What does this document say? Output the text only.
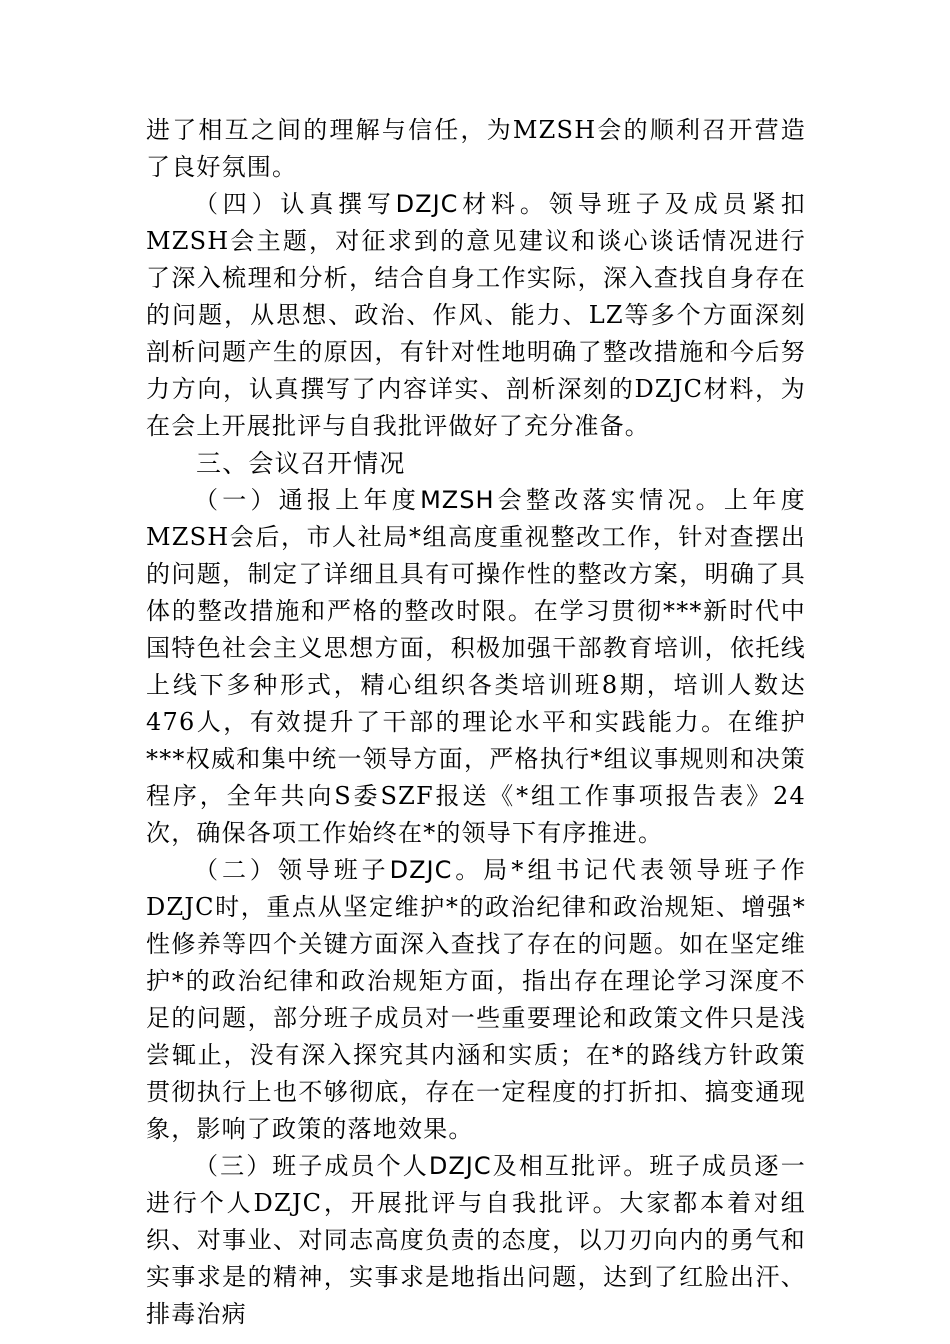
进了相互之间的理解与信任，为MZSH会的顺利召开营造了良好氛围。

（四）认真撰写DZJC材料。领导班子及成员紧扣MZSH会主题，对征求到的意见建议和谈心谈话情况进行了深入梳理和分析，结合自身工作实际，深入查找自身存在的问题，从思想、政治、作风、能力、LZ等多个方面深刻剖析问题产生的原因，有针对性地明确了整改措施和今后努力方向，认真撰写了内容详实、剖析深刻的DZJC材料，为在会上开展批评与自我批评做好了充分准备。

三、会议召开情况

（一）通报上年度MZSH会整改落实情况。上年度MZSH会后，市人社局*组高度重视整改工作，针对查摆出的问题，制定了详细且具有可操作性的整改方案，明确了具体的整改措施和严格的整改时限。在学习贯彻***新时代中国特色社会主义思想方面，积极加强干部教育培训，依托线上线下多种形式，精心组织各类培训班8期，培训人数达476人，有效提升了干部的理论水平和实践能力。在维护***权威和集中统一领导方面，严格执行*组议事规则和决策程序，全年共向S委SZF报送《*组工作事项报告表》24次，确保各项工作始终在*的领导下有序推进。

（二）领导班子DZJC。局*组书记代表领导班子作DZJC时，重点从坚定维护*的政治纪律和政治规矩、增强*性修养等四个关键方面深入查找了存在的问题。如在坚定维护*的政治纪律和政治规矩方面，指出存在理论学习深度不足的问题，部分班子成员对一些重要理论和政策文件只是浅尝辄止，没有深入探究其内涵和实质；在*的路线方针政策贯彻执行上也不够彻底，存在一定程度的打折扣、搞变通现象，影响了政策的落地效果。

（三）班子成员个人DZJC及相互批评。班子成员逐一进行个人DZJC，开展批评与自我批评。大家都本着对组织、对事业、对同志高度负责的态度，以刀刃向内的勇气和实事求是的精神，实事求是地指出问题，达到了红脸出汗、排毒治病
